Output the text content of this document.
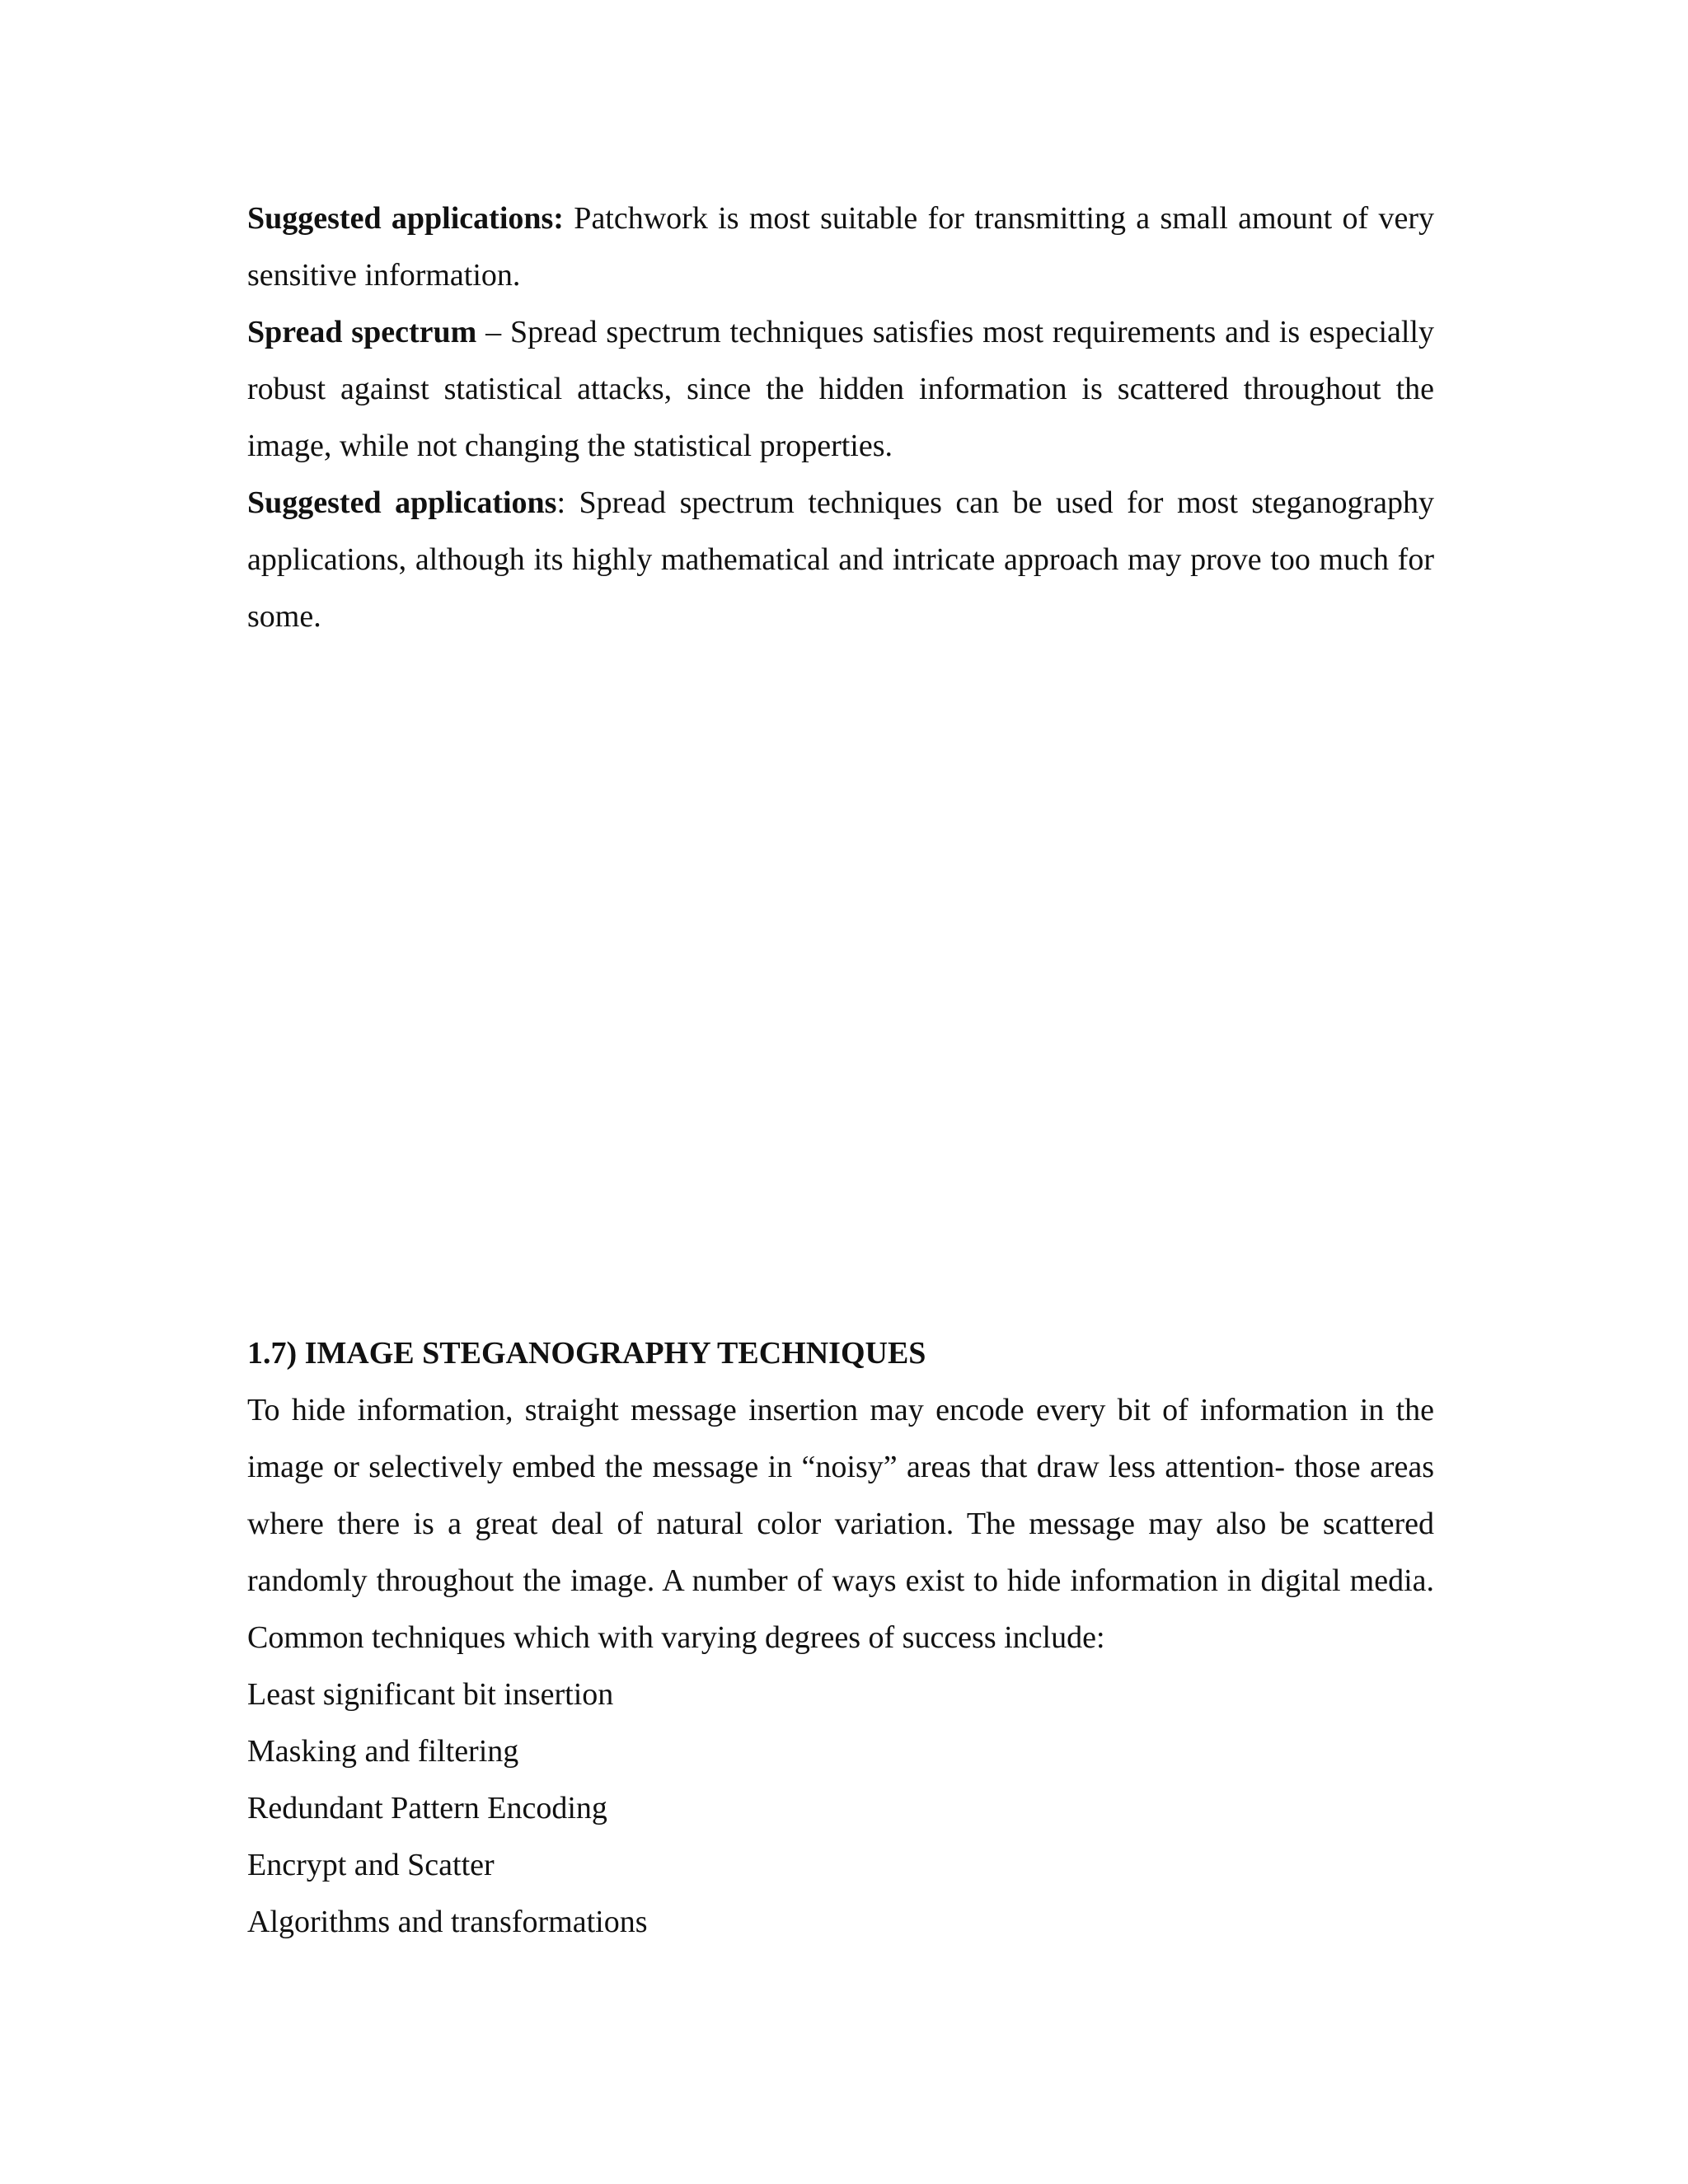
Suggested applications: Patchwork is most suitable for transmitting a small amount of very sensitive information.

Spread spectrum – Spread spectrum techniques satisfies most requirements and is especially robust against statistical attacks, since the hidden information is scattered throughout the image, while not changing the statistical properties.

Suggested applications: Spread spectrum techniques can be used for most steganography applications, although its highly mathematical and intricate approach may prove too much for some.

1.7) IMAGE STEGANOGRAPHY TECHNIQUES

To hide information, straight message insertion may encode every bit of information in the image or selectively embed the message in “noisy” areas that draw less attention- those areas where there is a great deal of natural color variation. The message may also be scattered randomly throughout the image. A number of ways exist to hide information in digital media. Common techniques which with varying degrees of success include:

Least significant bit insertion
Masking and filtering
Redundant Pattern Encoding
Encrypt and Scatter
Algorithms and transformations
